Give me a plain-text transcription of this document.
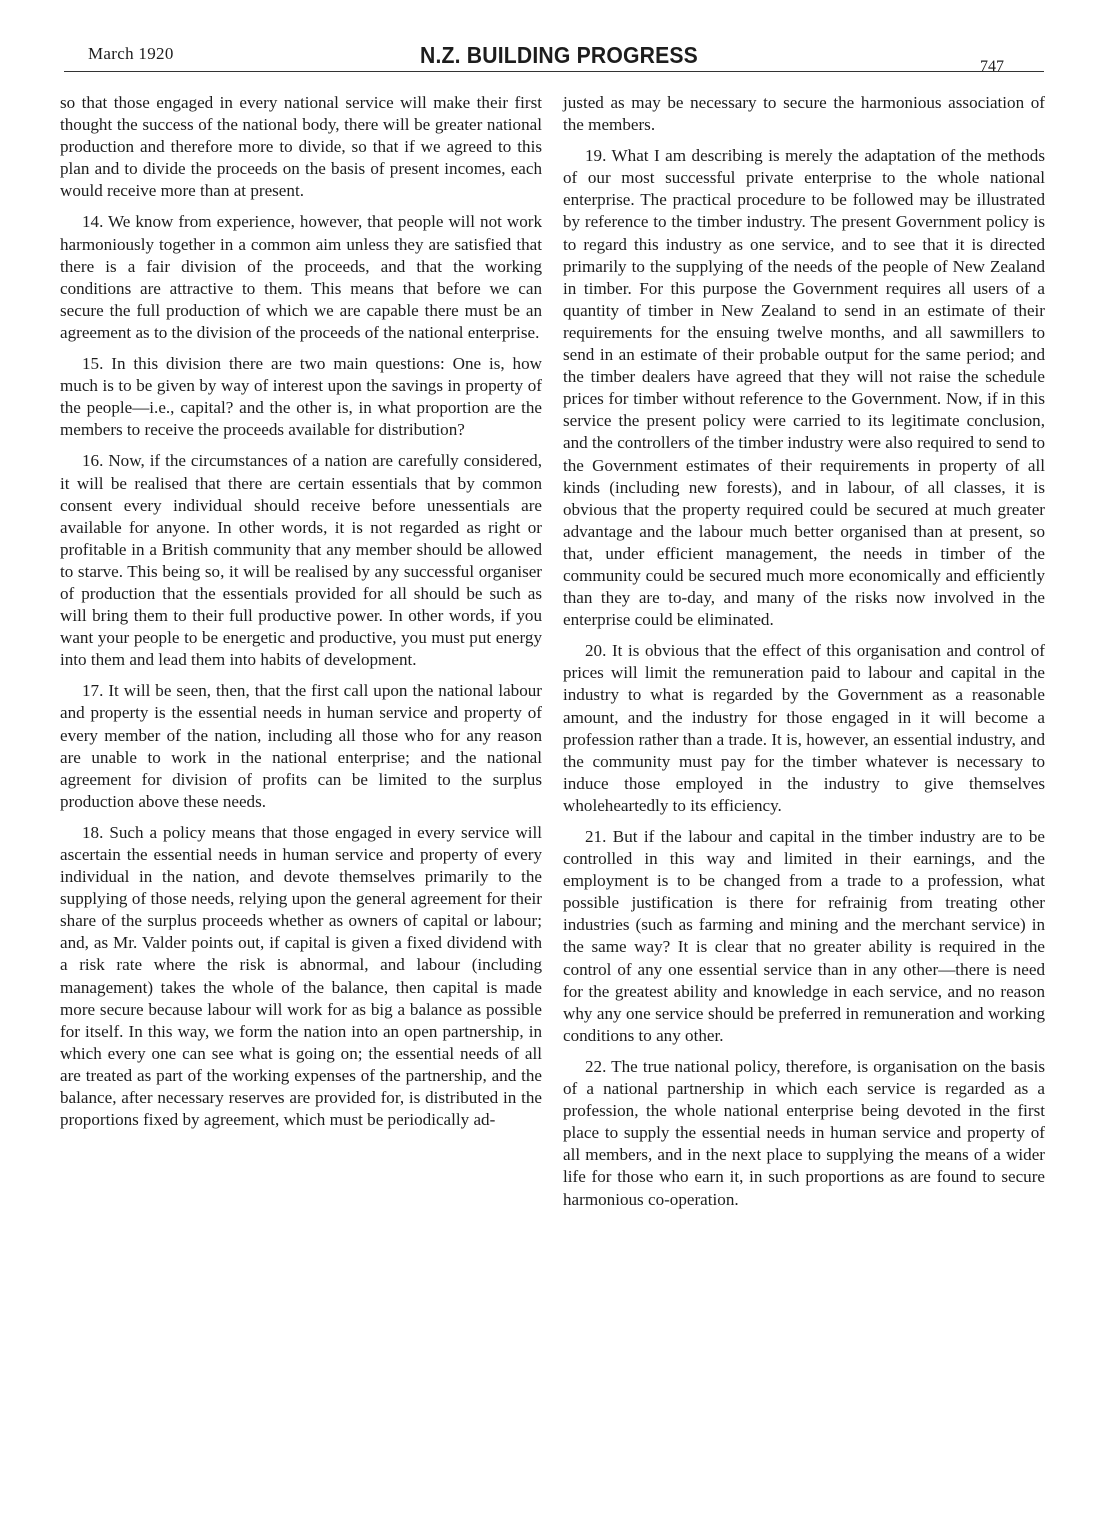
March 1920	N.Z. BUILDING PROGRESS	747

so that those engaged in every national service will make their first thought the success of the national body, there will be greater national production and therefore more to divide, so that if we agreed to this plan and to divide the proceeds on the basis of present incomes, each would receive more than at present.

14. We know from experience, however, that people will not work harmoniously together in a common aim unless they are satisfied that there is a fair division of the proceeds, and that the working conditions are attractive to them. This means that before we can secure the full production of which we are capable there must be an agreement as to the division of the proceeds of the national enterprise.

15. In this division there are two main questions: One is, how much is to be given by way of interest upon the savings in property of the people—i.e., capital? and the other is, in what proportion are the members to receive the proceeds available for distribution?

16. Now, if the circumstances of a nation are carefully considered, it will be realised that there are certain essentials that by common consent every individual should receive before unessentials are available for anyone. In other words, it is not regarded as right or profitable in a British community that any member should be allowed to starve. This being so, it will be realised by any successful organiser of production that the essentials provided for all should be such as will bring them to their full productive power. In other words, if you want your people to be energetic and productive, you must put energy into them and lead them into habits of development.

17. It will be seen, then, that the first call upon the national labour and property is the essential needs in human service and property of every member of the nation, including all those who for any reason are unable to work in the national enterprise; and the national agreement for division of profits can be limited to the surplus production above these needs.

18. Such a policy means that those engaged in every service will ascertain the essential needs in human service and property of every individual in the nation, and devote themselves primarily to the supplying of those needs, relying upon the general agreement for their share of the surplus proceeds whether as owners of capital or labour; and, as Mr. Valder points out, if capital is given a fixed dividend with a risk rate where the risk is abnormal, and labour (including management) takes the whole of the balance, then capital is made more secure because labour will work for as big a balance as possible for itself. In this way, we form the nation into an open partnership, in which every one can see what is going on; the essential needs of all are treated as part of the working expenses of the partnership, and the balance, after necessary reserves are provided for, is distributed in the proportions fixed by agreement, which must be periodically ad-

justed as may be necessary to secure the harmonious association of the members.

19. What I am describing is merely the adaptation of the methods of our most successful private enterprise to the whole national enterprise. The practical procedure to be followed may be illustrated by reference to the timber industry. The present Government policy is to regard this industry as one service, and to see that it is directed primarily to the supplying of the needs of the people of New Zealand in timber. For this purpose the Government requires all users of a quantity of timber in New Zealand to send in an estimate of their requirements for the ensuing twelve months, and all sawmillers to send in an estimate of their probable output for the same period; and the timber dealers have agreed that they will not raise the schedule prices for timber without reference to the Government. Now, if in this service the present policy were carried to its legitimate conclusion, and the controllers of the timber industry were also required to send to the Government estimates of their requirements in property of all kinds (including new forests), and in labour, of all classes, it is obvious that the property required could be secured at much greater advantage and the labour much better organised than at present, so that, under efficient management, the needs in timber of the community could be secured much more economically and efficiently than they are to-day, and many of the risks now involved in the enterprise could be eliminated.

20. It is obvious that the effect of this organisation and control of prices will limit the remuneration paid to labour and capital in the industry to what is regarded by the Government as a reasonable amount, and the industry for those engaged in it will become a profession rather than a trade. It is, however, an essential industry, and the community must pay for the timber whatever is necessary to induce those employed in the industry to give themselves wholeheartedly to its efficiency.

21. But if the labour and capital in the timber industry are to be controlled in this way and limited in their earnings, and the employment is to be changed from a trade to a profession, what possible justification is there for refrainig from treating other industries (such as farming and mining and the merchant service) in the same way? It is clear that no greater ability is required in the control of any one essential service than in any other—there is need for the greatest ability and knowledge in each service, and no reason why any one service should be preferred in remuneration and working conditions to any other.

22. The true national policy, therefore, is organisation on the basis of a national partnership in which each service is regarded as a profession, the whole national enterprise being devoted in the first place to supply the essential needs in human service and property of all members, and in the next place to supplying the means of a wider life for those who earn it, in such proportions as are found to secure harmonious co-operation.
